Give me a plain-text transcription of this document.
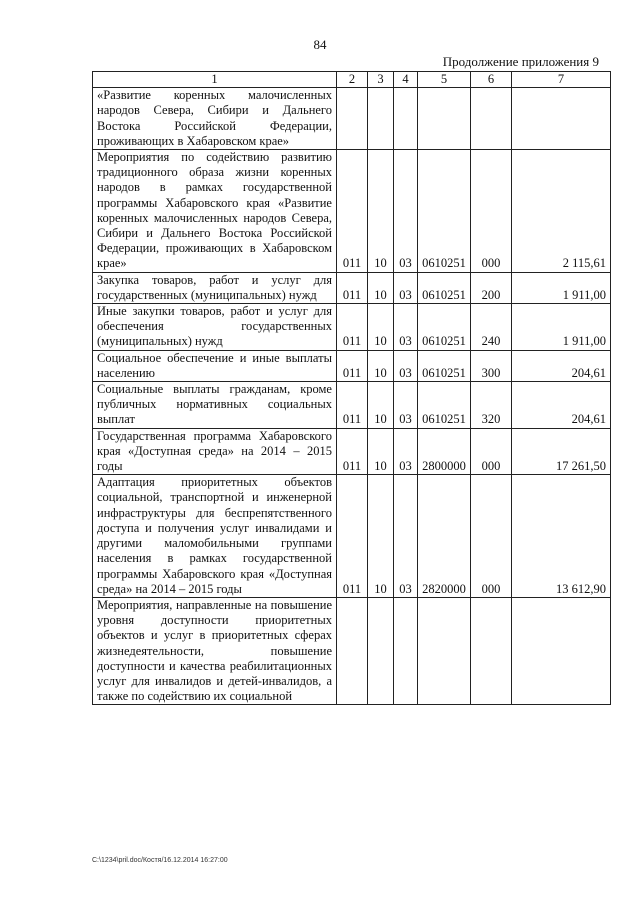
84
Продолжение приложения 9
1	2	3	4	5	6	7
«Развитие коренных малочисленных народов Севера, Сибири и Дальнего Востока Российской Федерации, проживающих в Хабаровском крае»						
Мероприятия по содействию развитию традиционного образа жизни коренных народов в рамках государственной программы Хабаровского края «Развитие коренных малочисленных народов Севера, Сибири и Дальнего Востока Российской Федерации, проживающих в Хабаровском крае»	011	10	03	0610251	000	2 115,61
Закупка товаров, работ и услуг для государственных (муниципальных) нужд	011	10	03	0610251	200	1 911,00
Иные закупки товаров, работ и услуг для обеспечения государственных (муниципальных) нужд	011	10	03	0610251	240	1 911,00
Социальное обеспечение и иные выплаты населению	011	10	03	0610251	300	204,61
Социальные выплаты гражданам, кроме публичных нормативных социальных выплат	011	10	03	0610251	320	204,61
Государственная программа Хабаровского края «Доступная среда» на 2014 – 2015 годы	011	10	03	2800000	000	17 261,50
Адаптация приоритетных объектов социальной, транспортной и инженерной инфраструктуры для беспрепятственного доступа и получения услуг инвалидами и другими маломобильными группами населения в рамках государственной программы Хабаровского края «Доступная среда» на 2014 – 2015 годы	011	10	03	2820000	000	13 612,90
Мероприятия, направленные на повышение уровня доступности приоритетных объектов и услуг в приоритетных сферах жизнедеятельности, повышение доступности и качества реабилитационных услуг для инвалидов и детей-инвалидов, а также по содействию их социальной						
C:\1234\pril.doc/Костя/16.12.2014 16:27:00
